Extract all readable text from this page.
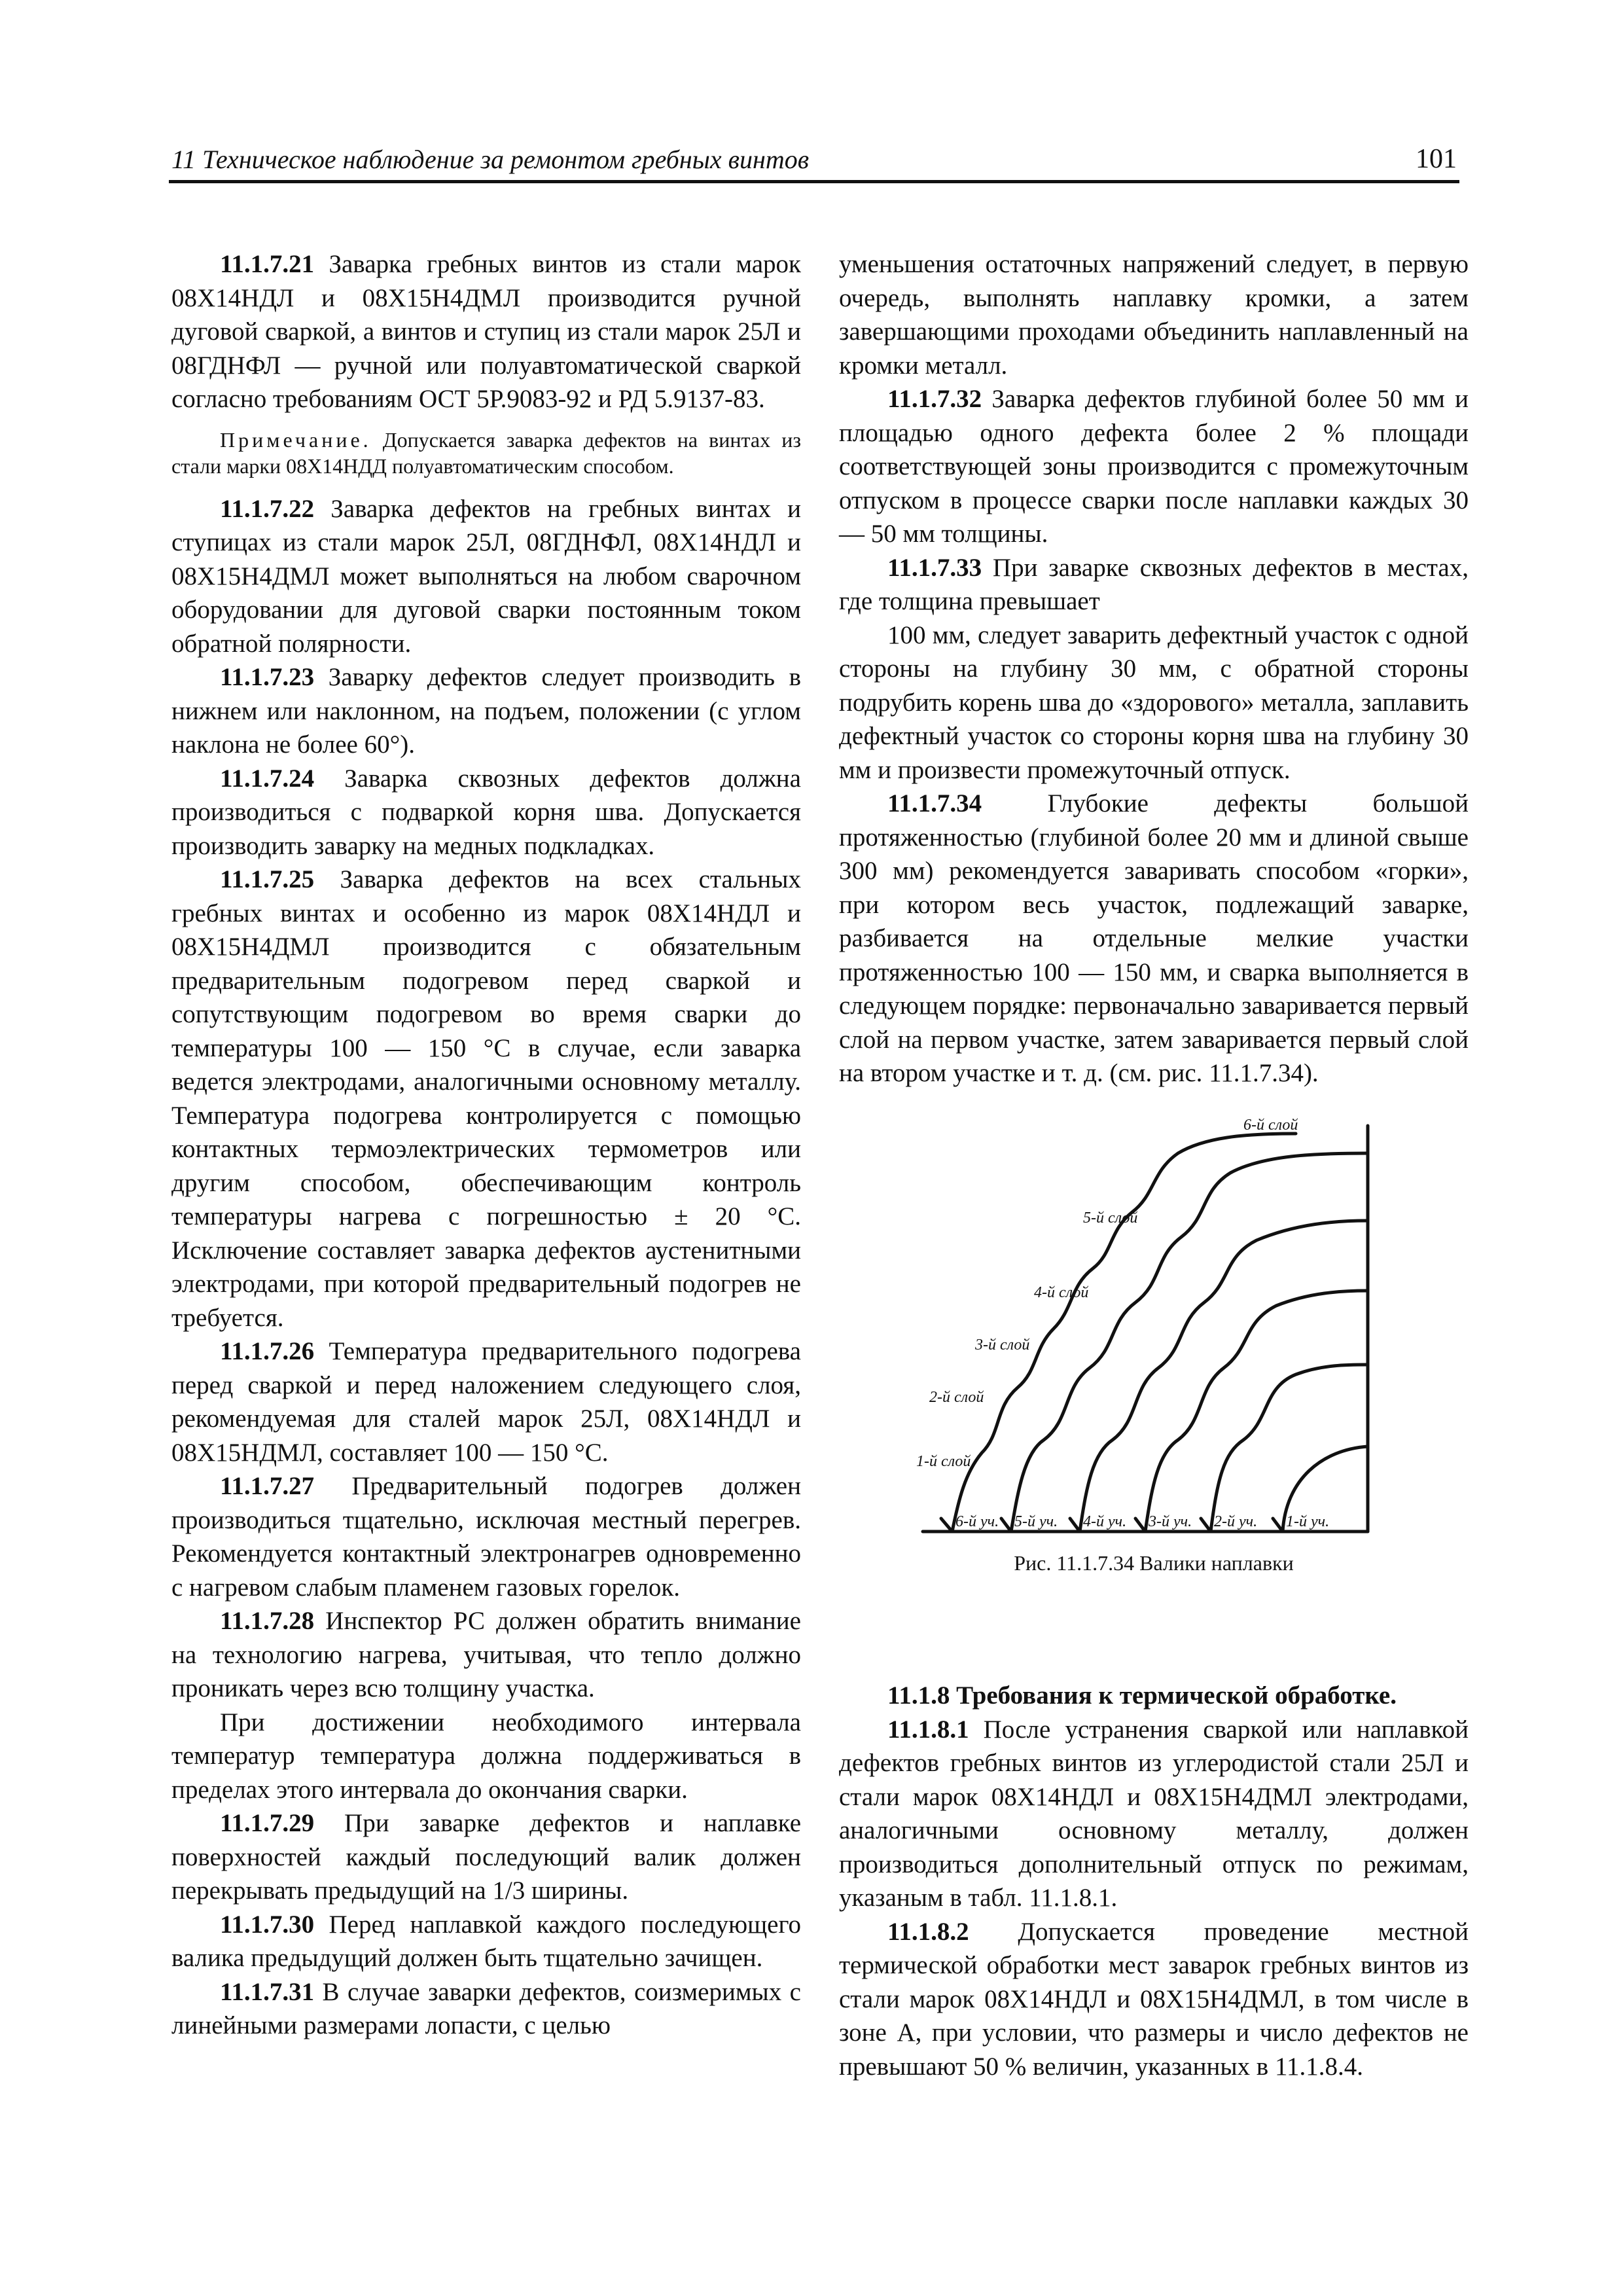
11 Техническое наблюдение за ремонтом гребных винтов	101

11.1.7.21 Заварка гребных винтов из стали марок 08Х14НДЛ и 08Х15Н4ДМЛ производится ручной дуговой сваркой, а винтов и ступиц из стали марок 25Л и 08ГДНФЛ — ручной или полуавтоматической сваркой согласно требованиям ОСТ 5Р.9083-92 и РД 5.9137-83.

Примечание. Допускается заварка дефектов на винтах из стали марки 08Х14НДД полуавтоматическим способом.

11.1.7.22 Заварка дефектов на гребных винтах и ступицах из стали марок 25Л, 08ГДНФЛ, 08Х14НДЛ и 08Х15Н4ДМЛ может выполняться на любом сварочном оборудовании для дуговой сварки постоянным током обратной полярности.

11.1.7.23 Заварку дефектов следует производить в нижнем или наклонном, на подъем, положении (с углом наклона не более 60°).

11.1.7.24 Заварка сквозных дефектов должна производиться с подваркой корня шва. Допускается производить заварку на медных подкладках.

11.1.7.25 Заварка дефектов на всех стальных гребных винтах и особенно из марок 08Х14НДЛ и 08Х15Н4ДМЛ производится с обязательным предварительным подогревом перед сваркой и сопутствующим подогревом во время сварки до температуры 100 — 150 °С в случае, если заварка ведется электродами, аналогичными основному металлу. Температура подогрева контролируется с помощью контактных термоэлектрических термометров или другим способом, обеспечивающим контроль температуры нагрева с погрешностью ± 20 °С. Исключение составляет заварка дефектов аустенитными электродами, при которой предварительный подогрев не требуется.

11.1.7.26 Температура предварительного подогрева перед сваркой и перед наложением следующего слоя, рекомендуемая для сталей марок 25Л, 08Х14НДЛ и 08Х15НДМЛ, составляет 100 — 150 °С.

11.1.7.27 Предварительный подогрев должен производиться тщательно, исключая местный перегрев. Рекомендуется контактный электронагрев одновременно с нагревом слабым пламенем газовых горелок.

11.1.7.28 Инспектор РС должен обратить внимание на технологию нагрева, учитывая, что тепло должно проникать через всю толщину участка.

При достижении необходимого интервала температур температура должна поддерживаться в пределах этого интервала до окончания сварки.

11.1.7.29 При заварке дефектов и наплавке поверхностей каждый последующий валик должен перекрывать предыдущий на 1/3 ширины.

11.1.7.30 Перед наплавкой каждого последующего валика предыдущий должен быть тщательно зачищен.

11.1.7.31 В случае заварки дефектов, соизмеримых с линейными размерами лопасти, с целью

уменьшения остаточных напряжений следует, в первую очередь, выполнять наплавку кромки, а затем завершающими проходами объединить наплавленный на кромки металл.

11.1.7.32 Заварка дефектов глубиной более 50 мм и площадью одного дефекта более 2 % площади соответствующей зоны производится с промежуточным отпуском в процессе сварки после наплавки каждых 30 — 50 мм толщины.

11.1.7.33 При заварке сквозных дефектов в местах, где толщина превышает

100 мм, следует заварить дефектный участок с одной стороны на глубину 30 мм, с обратной стороны подрубить корень шва до «здорового» металла, заплавить дефектный участок со стороны корня шва на глубину 30 мм и произвести промежуточный отпуск.

11.1.7.34 Глубокие дефекты большой протяженностью (глубиной более 20 мм и длиной свыше 300 мм) рекомендуется заваривать способом «горки», при котором весь участок, подлежащий заварке, разбивается на отдельные мелкие участки протяженностью 100 — 150 мм, и сварка выполняется в следующем порядке: первоначально заваривается первый слой на первом участке, затем заваривается первый слой на втором участке и т. д. (см. рис. 11.1.7.34).

1-й слой
2-й слой
3-й слой
4-й слой
5-й слой
6-й слой
6-й уч. 5-й уч. 4-й уч. 3-й уч. 2-й уч. 1-й уч.
Рис. 11.1.7.34 Валики наплавки

11.1.8 Требования к термической обработке.

11.1.8.1 После устранения сваркой или наплавкой дефектов гребных винтов из углеродистой стали 25Л и стали марок 08Х14НДЛ и 08Х15Н4ДМЛ электродами, аналогичными основному металлу, должен производиться дополнительный отпуск по режимам, указаным в табл. 11.1.8.1.

11.1.8.2 Допускается проведение местной термической обработки мест заварок гребных винтов из стали марок 08Х14НДЛ и 08Х15Н4ДМЛ, в том числе в зоне А, при условии, что размеры и число дефектов не превышают 50 % величин, указанных в 11.1.8.4.
